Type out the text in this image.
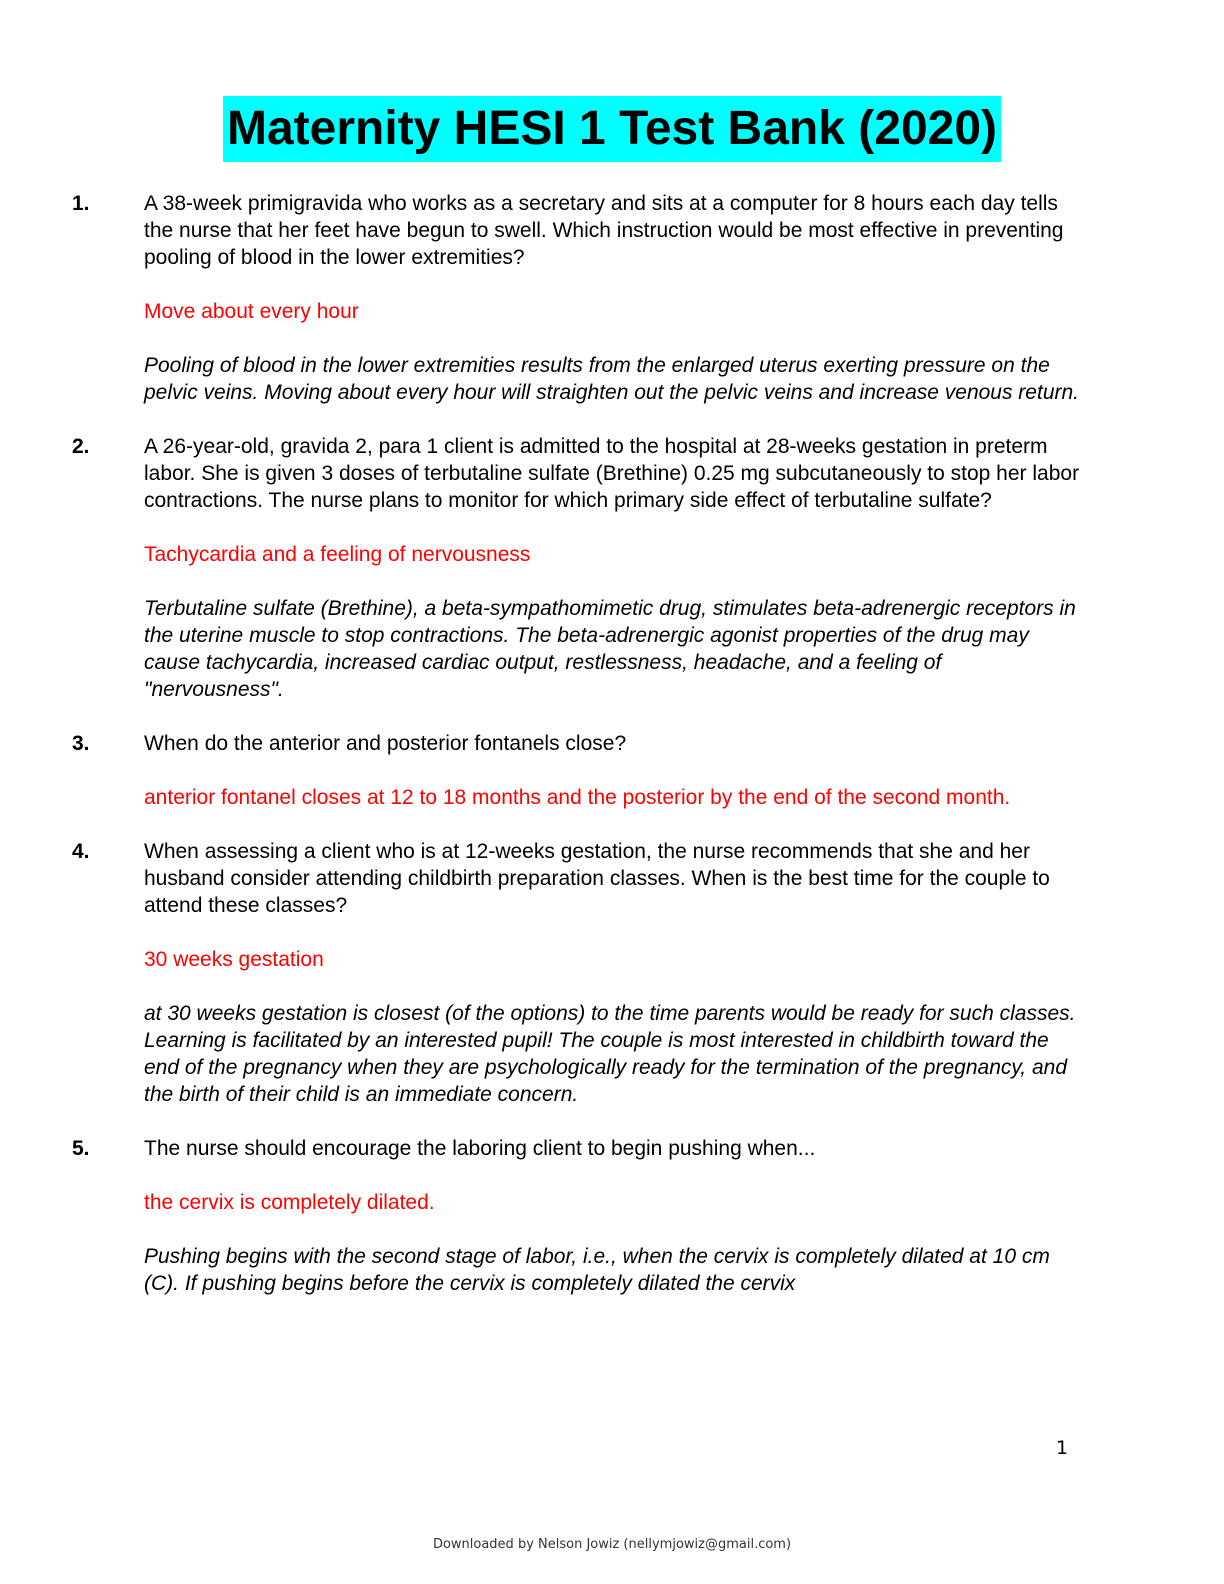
Maternity HESI 1 Test Bank (2020)
1.	A 38-week primigravida who works as a secretary and sits at a computer for 8 hours each day tells the nurse that her feet have begun to swell. Which instruction would be most effective in preventing pooling of blood in the lower extremities?

Move about every hour

Pooling of blood in the lower extremities results from the enlarged uterus exerting pressure on the pelvic veins. Moving about every hour will straighten out the pelvic veins and increase venous return.

2.	A 26-year-old, gravida 2, para 1 client is admitted to the hospital at 28-weeks gestation in preterm labor. She is given 3 doses of terbutaline sulfate (Brethine) 0.25 mg subcutaneously to stop her labor contractions. The nurse plans to monitor for which primary side effect of terbutaline sulfate?

Tachycardia and a feeling of nervousness

Terbutaline sulfate (Brethine), a beta-sympathomimetic drug, stimulates beta-adrenergic receptors in the uterine muscle to stop contractions. The beta-adrenergic agonist properties of the drug may cause tachycardia, increased cardiac output, restlessness, headache, and a feeling of "nervousness".

3.	When do the anterior and posterior fontanels close?

anterior fontanel closes at 12 to 18 months and the posterior by the end of the second month.

4.	When assessing a client who is at 12-weeks gestation, the nurse recommends that she and her husband consider attending childbirth preparation classes. When is the best time for the couple to attend these classes?

30 weeks gestation

at 30 weeks gestation is closest (of the options) to the time parents would be ready for such classes. Learning is facilitated by an interested pupil! The couple is most interested in childbirth toward the end of the pregnancy when they are psychologically ready for the termination of the pregnancy, and the birth of their child is an immediate concern.

5.	The nurse should encourage the laboring client to begin pushing when...

the cervix is completely dilated.

Pushing begins with the second stage of labor, i.e., when the cervix is completely dilated at 10 cm (C). If pushing begins before the cervix is completely dilated the cervix

1
Downloaded by Nelson Jowiz (nellymjowiz@gmail.com)
